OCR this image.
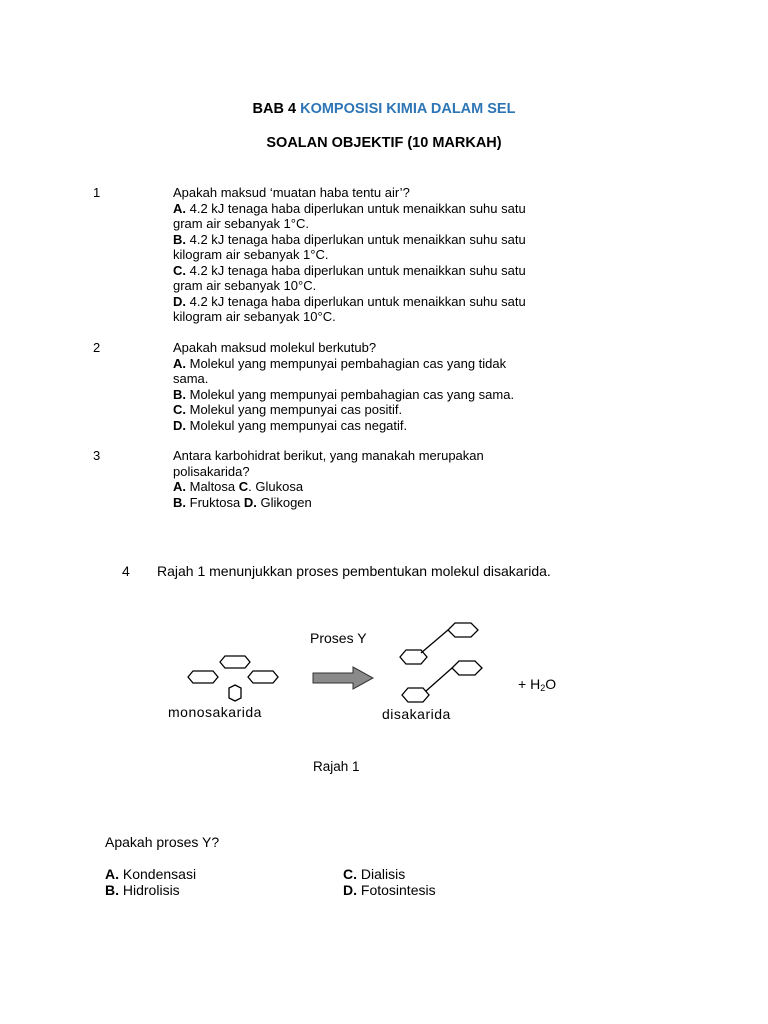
BAB 4 KOMPOSISI KIMIA DALAM SEL
SOALAN OBJEKTIF (10 MARKAH)
1	Apakah maksud ‘muatan haba tentu air’?
A. 4.2 kJ tenaga haba diperlukan untuk menaikkan suhu satu
gram air sebanyak 1°C.
B. 4.2 kJ tenaga haba diperlukan untuk menaikkan suhu satu
kilogram air sebanyak 1°C.
C. 4.2 kJ tenaga haba diperlukan untuk menaikkan suhu satu
gram air sebanyak 10°C.
D. 4.2 kJ tenaga haba diperlukan untuk menaikkan suhu satu
kilogram air sebanyak 10°C.
2	Apakah maksud molekul berkutub?
A. Molekul yang mempunyai pembahagian cas yang tidak
sama.
B. Molekul yang mempunyai pembahagian cas yang sama.
C. Molekul yang mempunyai cas positif.
D. Molekul yang mempunyai cas negatif.
3	Antara karbohidrat berikut, yang manakah merupakan
polisakarida?
A. Maltosa C. Glukosa
B. Fruktosa D. Glikogen
4 Rajah 1 menunjukkan proses pembentukan molekul disakarida.
monosakarida
Proses Y
disakarida
+ H2O
Rajah 1
Apakah proses Y?
A. Kondensasi
B. Hidrolisis
C. Dialisis
D. Fotosintesis
